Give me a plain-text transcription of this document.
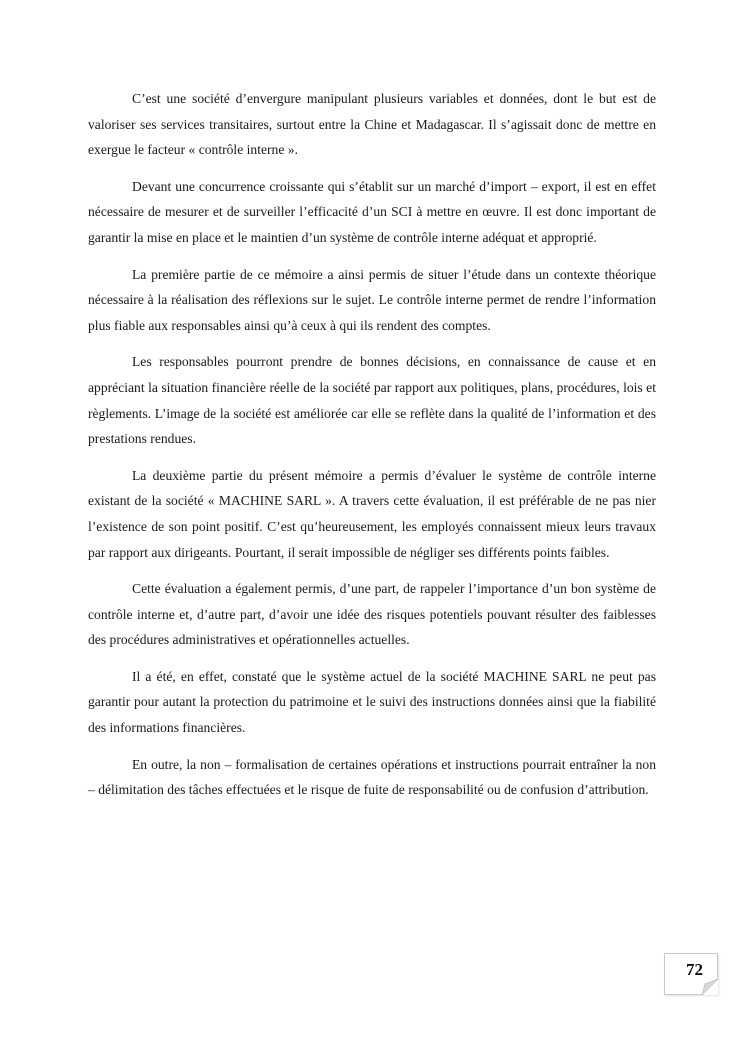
C’est une société d’envergure manipulant plusieurs variables et données, dont le but est de valoriser ses services transitaires, surtout entre la Chine et Madagascar. Il s’agissait donc de mettre en exergue le facteur « contrôle interne ».

Devant une concurrence croissante qui s’établit sur un marché d’import – export, il est en effet nécessaire de mesurer et de surveiller l’efficacité d’un SCI à mettre en œuvre. Il est donc important de garantir la mise en place et le maintien d’un système de contrôle interne adéquat et approprié.

La première partie de ce mémoire a ainsi permis de situer l’étude dans un contexte théorique nécessaire à la réalisation des réflexions sur le sujet. Le contrôle interne permet de rendre l’information plus fiable aux responsables ainsi qu’à ceux à qui ils rendent des comptes.

Les responsables pourront prendre de bonnes décisions, en connaissance de cause et en appréciant la situation financière réelle de la société par rapport aux politiques, plans, procédures, lois et règlements. L’image de la société est améliorée car elle se reflète dans la qualité de l’information et des prestations rendues.

La deuxième partie du présent mémoire a permis d’évaluer le système de contrôle interne existant de la société « MACHINE SARL ». A travers cette évaluation, il est préférable de ne pas nier l’existence de son point positif. C’est qu’heureusement, les employés connaissent mieux leurs travaux par rapport aux dirigeants. Pourtant, il serait impossible de négliger ses différents points faibles.

Cette évaluation a également permis, d’une part, de rappeler l’importance d’un bon système de contrôle interne et, d’autre part, d’avoir une idée des risques potentiels pouvant résulter des faiblesses des procédures administratives et opérationnelles actuelles.

Il a été, en effet, constaté que le système actuel de la société MACHINE SARL ne peut pas garantir pour autant la protection du patrimoine et le suivi des instructions données ainsi que la fiabilité des informations financières.

En outre, la non – formalisation de certaines opérations et instructions pourrait entraîner la non – délimitation des tâches effectuées et le risque de fuite de responsabilité ou de confusion d’attribution.

72
